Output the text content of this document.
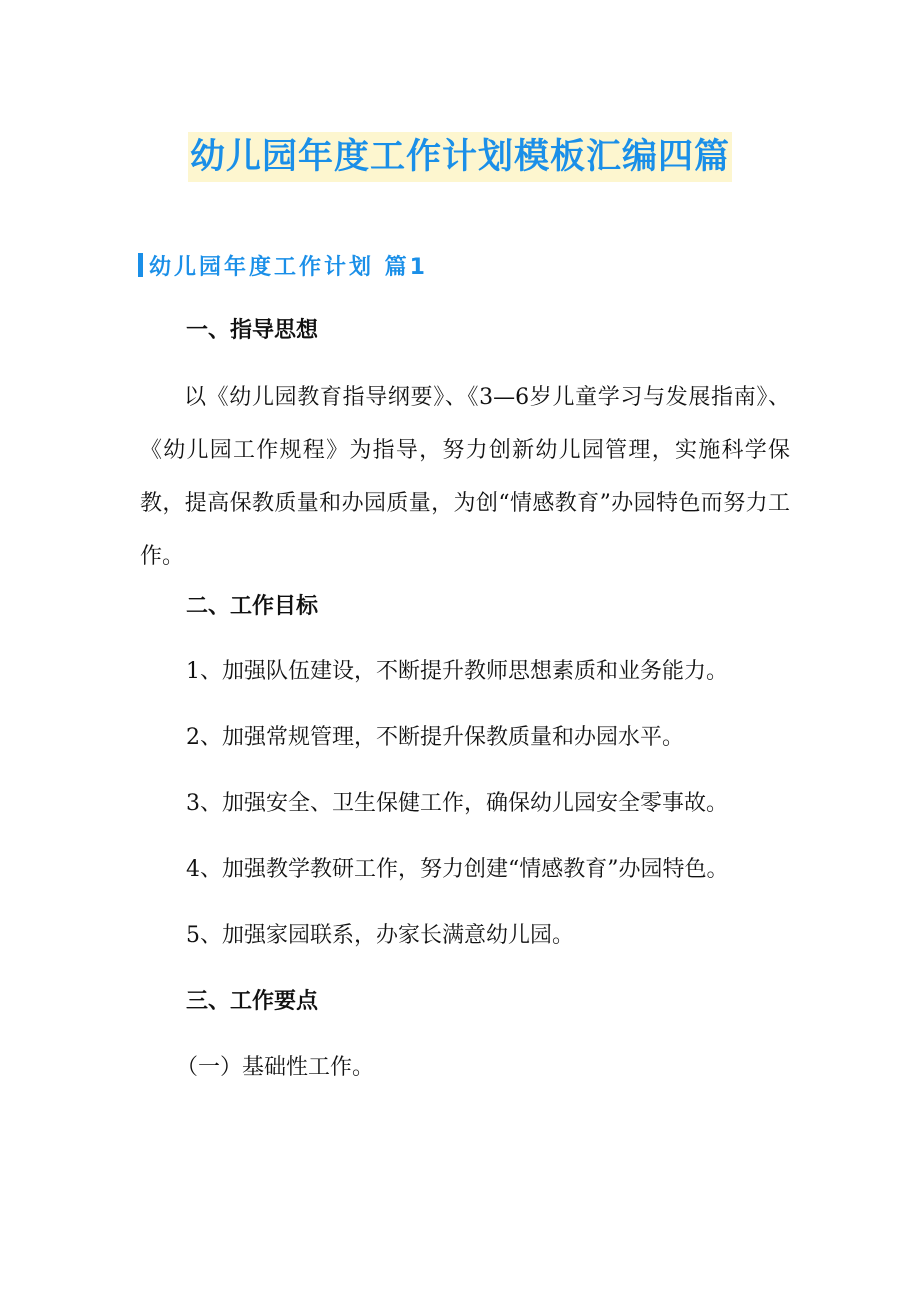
幼儿园年度工作计划模板汇编四篇
幼儿园年度工作计划 篇1

一、指导思想

以《幼儿园教育指导纲要》、《3—6岁儿童学习与发展指南》、《幼儿园工作规程》为指导，努力创新幼儿园管理，实施科学保教，提高保教质量和办园质量，为创“情感教育”办园特色而努力工作。

二、工作目标

1、加强队伍建设，不断提升教师思想素质和业务能力。

2、加强常规管理，不断提升保教质量和办园水平。

3、加强安全、卫生保健工作，确保幼儿园安全零事故。

4、加强教学教研工作，努力创建“情感教育”办园特色。

5、加强家园联系，办家长满意幼儿园。

三、工作要点

（一）基础性工作。
